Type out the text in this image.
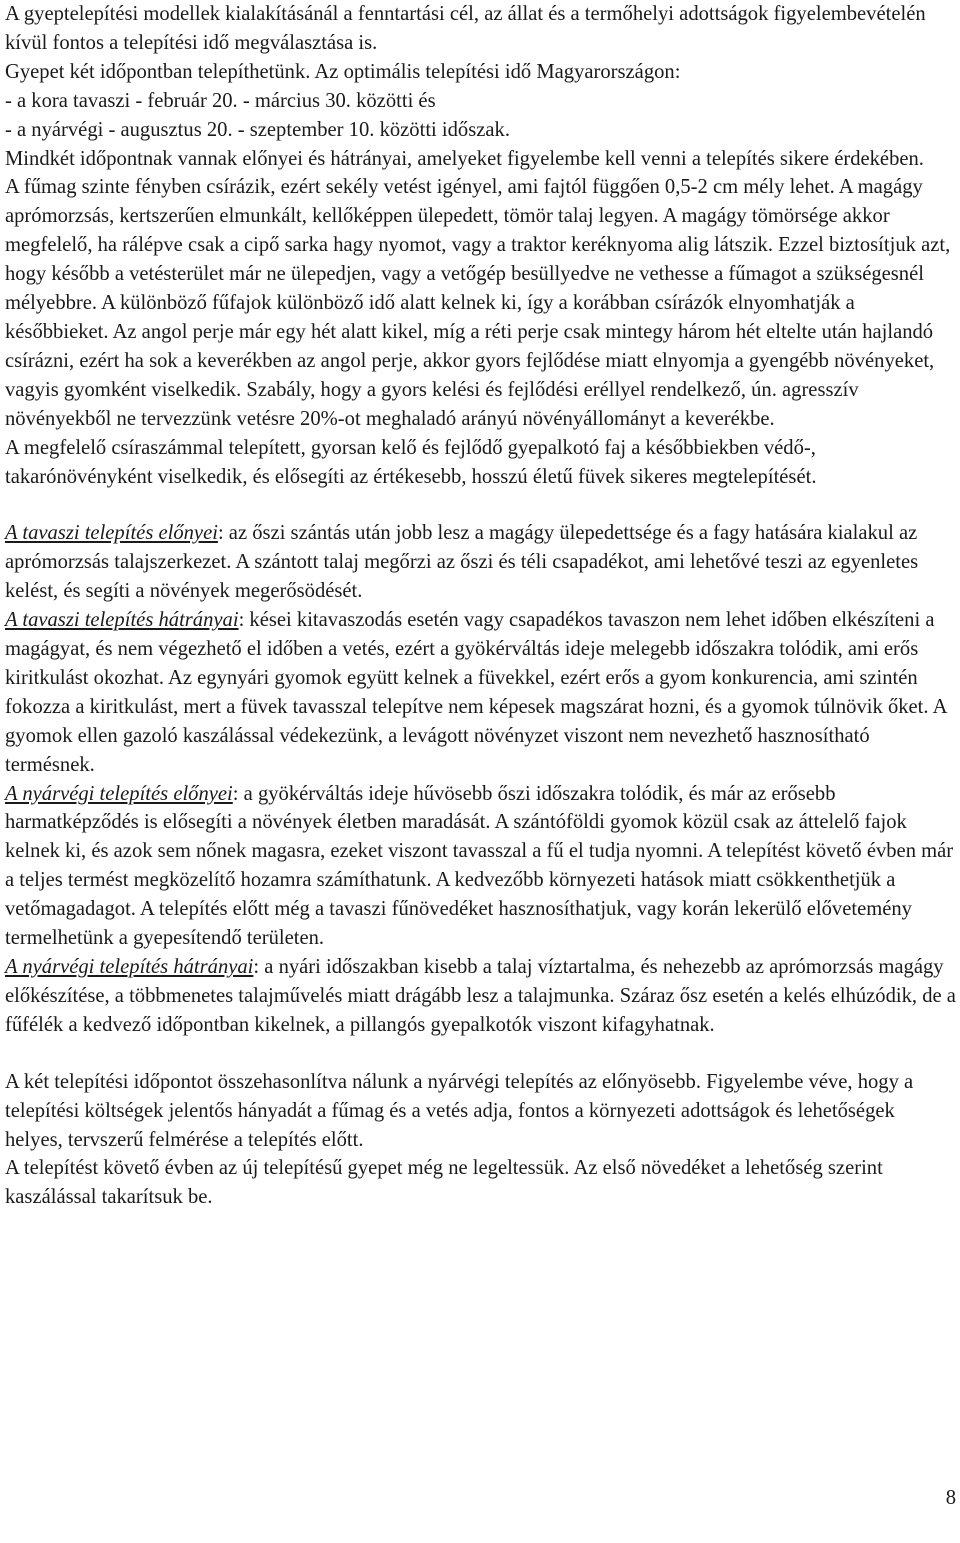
A gyeptelepítési modellek kialakításánál a fenntartási cél, az állat és a termőhelyi adottságok figyelembevételén kívül fontos a telepítési idő megválasztása is.

Gyepet két időpontban telepíthetünk. Az optimális telepítési idő Magyarországon:

- a kora tavaszi - február 20. - március 30. közötti és

- a nyárvégi - augusztus 20. - szeptember 10. közötti időszak.

Mindkét időpontnak vannak előnyei és hátrányai, amelyeket figyelembe kell venni a telepítés sikere érdekében.

A fűmag szinte fényben csírázik, ezért sekély vetést igényel, ami fajtól függően 0,5-2 cm mély lehet. A magágy aprómorzsás, kertszerűen elmunkált, kellőképpen ülepedett, tömör talaj legyen. A magágy tömörsége akkor megfelelő, ha rálépve csak a cipő sarka hagy nyomot, vagy a traktor keréknyoma alig látszik. Ezzel biztosítjuk azt, hogy később a vetésterület már ne ülepedjen, vagy a vetőgép besüllyedve ne vethesse a fűmagot a szükségesnél mélyebbre. A különböző fűfajok különböző idő alatt kelnek ki, így a korábban csírázók elnyomhatják a későbbieket. Az angol perje már egy hét alatt kikel, míg a réti perje csak mintegy három hét eltelte után hajlandó csírázni, ezért ha sok a keverékben az angol perje, akkor gyors fejlődése miatt elnyomja a gyengébb növényeket, vagyis gyomként viselkedik. Szabály, hogy a gyors kelési és fejlődési eréllyel rendelkező, ún. agresszív növényekből ne tervezzünk vetésre 20%-ot meghaladó arányú növényállományt a keverékbe.

A megfelelő csíraszámmal telepített, gyorsan kelő és fejlődő gyepalkotó faj a későbbiekben védő-, takarónövényként viselkedik, és elősegíti az értékesebb, hosszú életű füvek sikeres megtelepítését.

A tavaszi telepítés előnyei: az őszi szántás után jobb lesz a magágy ülepedettsége és a fagy hatására kialakul az aprómorzsás talajszerkezet. A szántott talaj megőrzi az őszi és téli csapadékot, ami lehetővé teszi az egyenletes kelést, és segíti a növények megerősödését.

A tavaszi telepítés hátrányai: kései kitavaszodás esetén vagy csapadékos tavaszon nem lehet időben elkészíteni a magágyat, és nem végezhető el időben a vetés, ezért a gyökérváltás ideje melegebb időszakra tolódik, ami erős kiritkulást okozhat. Az egynyári gyomok együtt kelnek a füvekkel, ezért erős a gyom konkurencia, ami szintén fokozza a kiritkulást, mert a füvek tavasszal telepítve nem képesek magszárat hozni, és a gyomok túlnövik őket. A gyomok ellen gazoló kaszálással védekezünk, a levágott növényzet viszont nem nevezhető hasznosítható termésnek.

A nyárvégi telepítés előnyei: a gyökérváltás ideje hűvösebb őszi időszakra tolódik, és már az erősebb harmatképződés is elősegíti a növények életben maradását. A szántóföldi gyomok közül csak az áttelelő fajok kelnek ki, és azok sem nőnek magasra, ezeket viszont tavasszal a fű el tudja nyomni. A telepítést követő évben már a teljes termést megközelítő hozamra számíthatunk. A kedvezőbb környezeti hatások miatt csökkenthetjük a vetőmagadagot. A telepítés előtt még a tavaszi fűnövedéket hasznosíthatjuk, vagy korán lekerülő elővetemény termelhetünk a gyepesítendő területen.

A nyárvégi telepítés hátrányai: a nyári időszakban kisebb a talaj víztartalma, és nehezebb az aprómorzsás magágy előkészítése, a többmenetes talajművelés miatt drágább lesz a talajmunka. Száraz ősz esetén a kelés elhúzódik, de a fűfélék a kedvező időpontban kikelnek, a pillangós gyepalkotók viszont kifagyhatnak.

A két telepítési időpontot összehasonlítva nálunk a nyárvégi telepítés az előnyösebb. Figyelembe véve, hogy a telepítési költségek jelentős hányadát a fűmag és a vetés adja, fontos a környezeti adottságok és lehetőségek helyes, tervszerű felmérése a telepítés előtt.

A telepítést követő évben az új telepítésű gyepet még ne legeltessük. Az első növedéket a lehetőség szerint kaszálással takarítsuk be.

8
